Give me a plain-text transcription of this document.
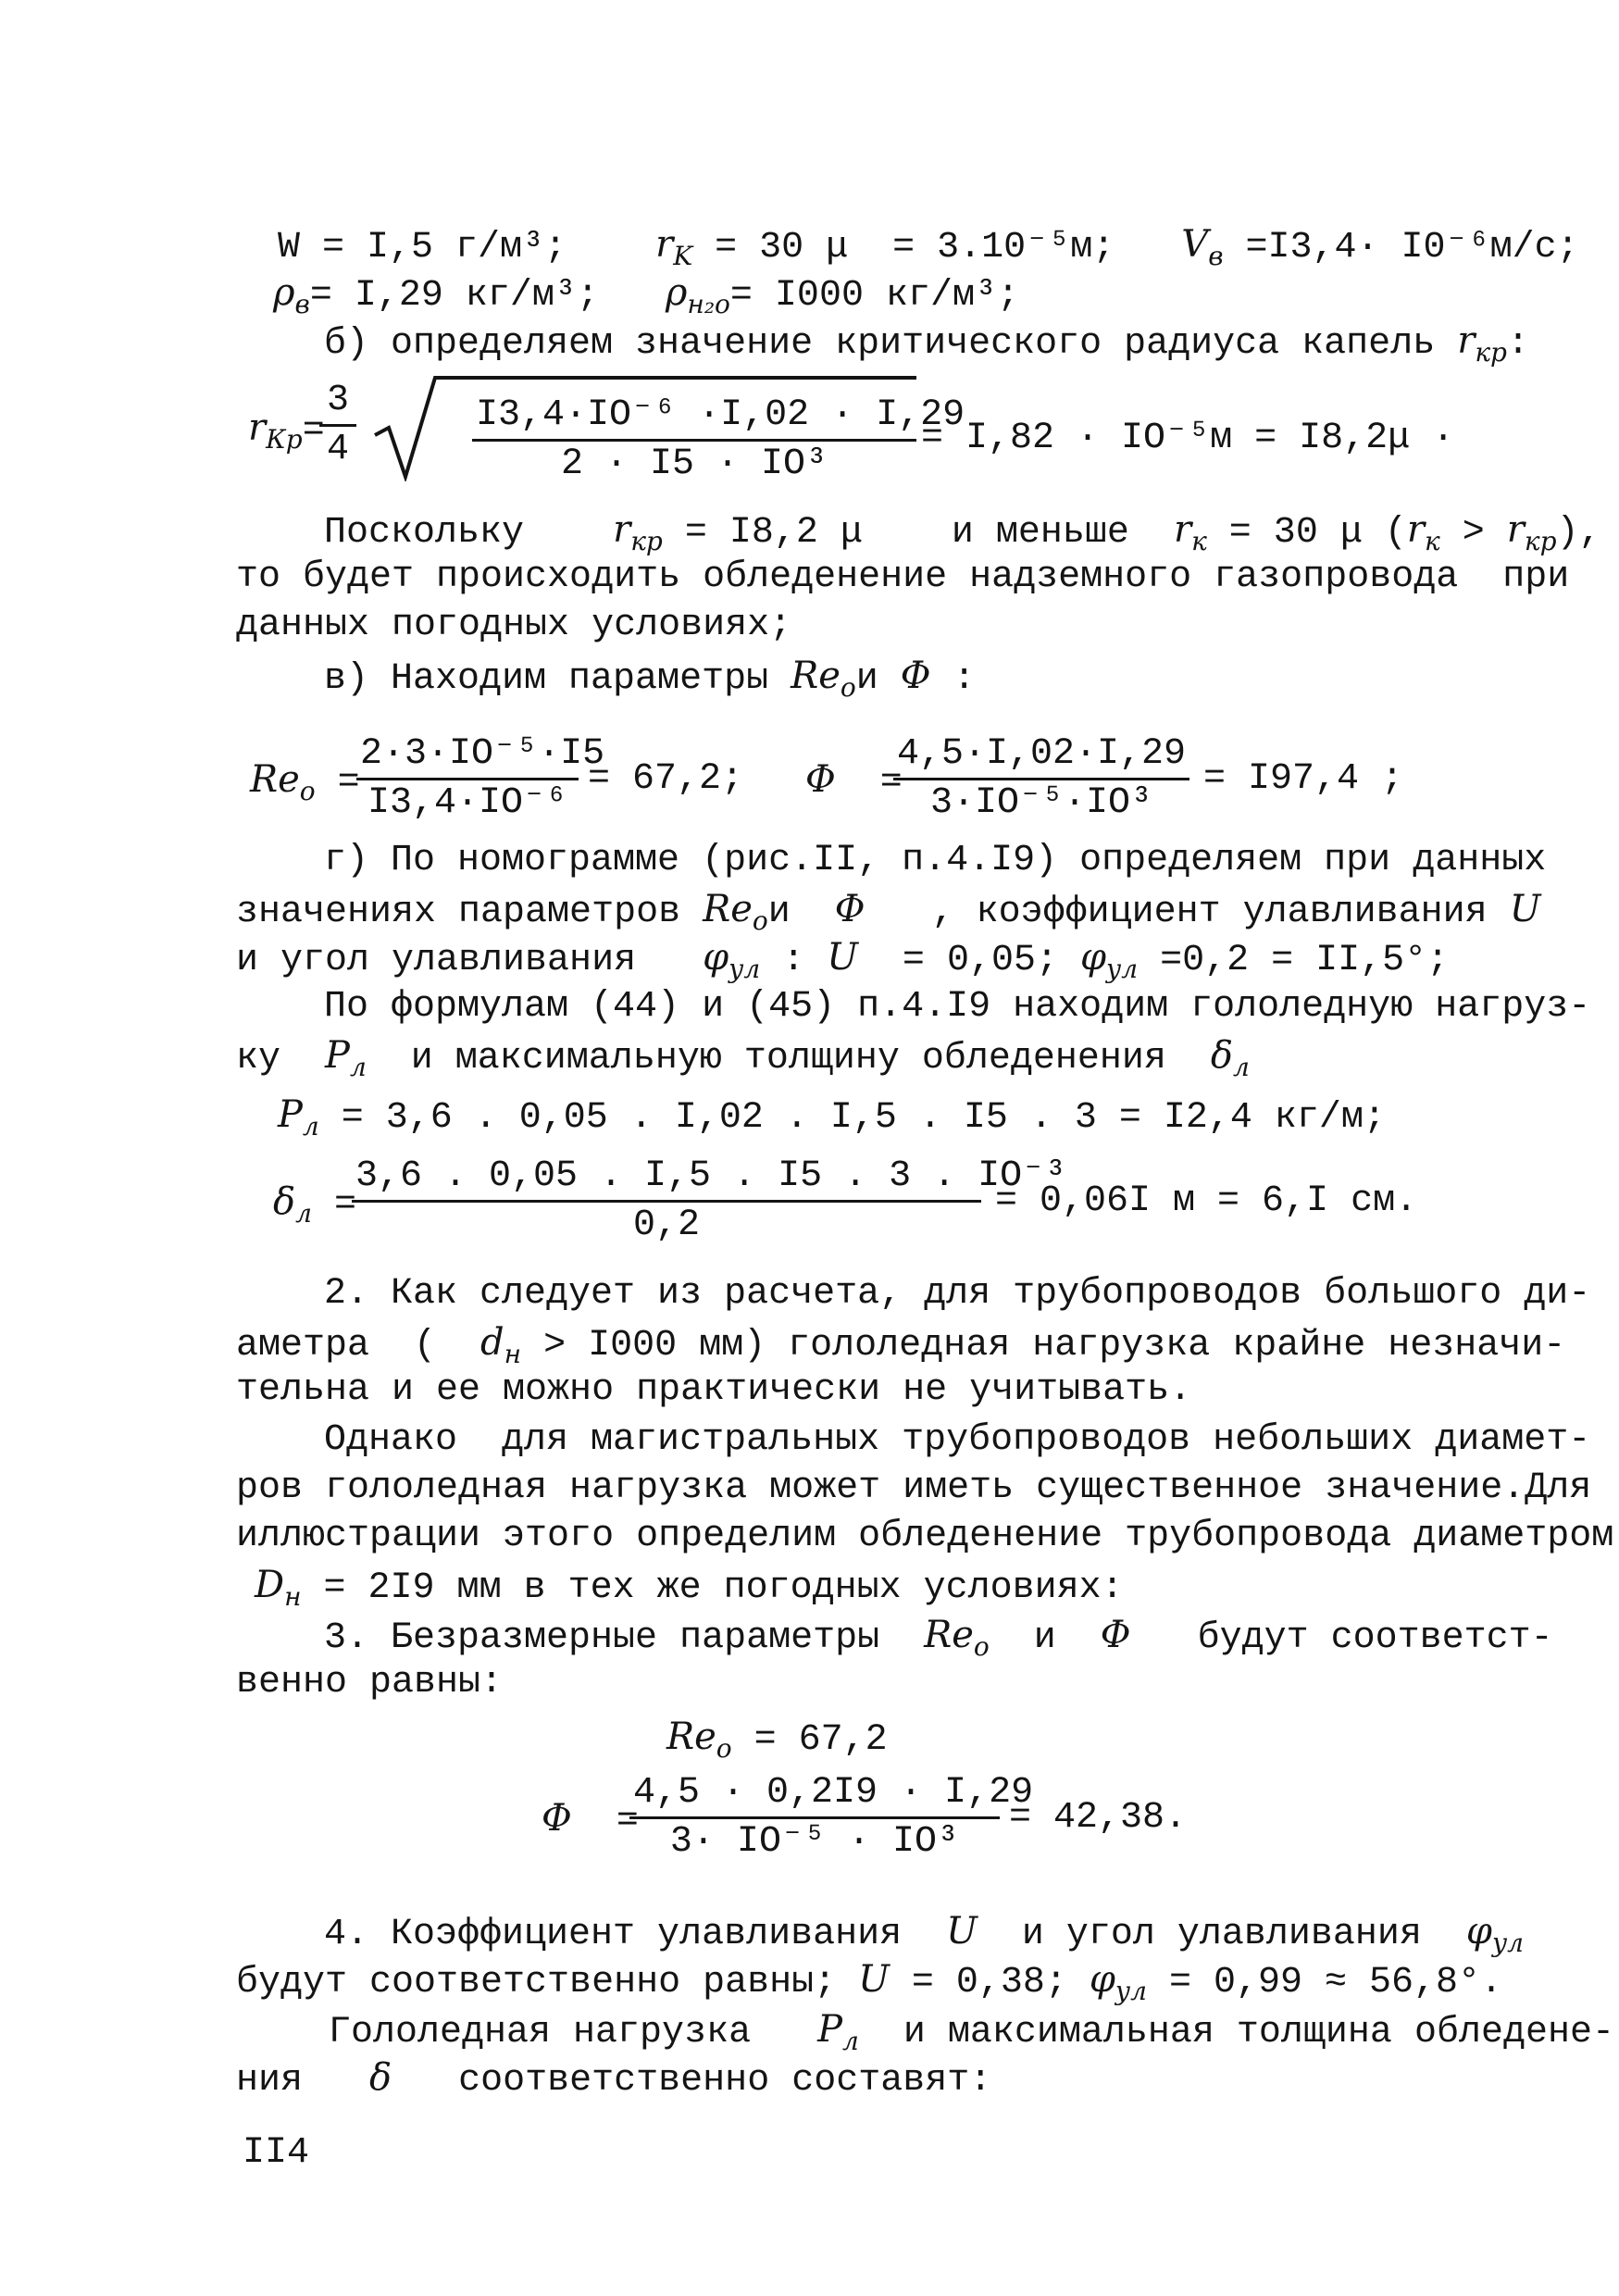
W = I,5 г/м³;    $r_K = 30$ μ  = 3.10⁻⁵м;   $V_в =I3,4\cdot I0^{-6}м/с$;
$\rho_в= I,29$ кг/м³;   $\rho_{н_2о}= I000$ кг/м³;
б) определяем значение критического радиуса капель $r_{кр}$:
$r_{Кр}=$
$\frac{3}{4}$	$\frac{\text{I3,4·IO⁻⁶ ·I,02 · I,29}}{\text{2 · I5 · IO³}} = I,82 \cdot IO^{-5}м = I8,2\mu$ ·
Поскольку    $r_{кр} = I8,2$ μ    и меньше  $r_к = 30$ μ $(r_к > r_{кр})$,
то будет происходить обледенение надземного газопровода  при
данных погодных условиях;
в) Находим параметры $Re_ои$ Φ :
$Re_о$ =
$\frac{\text{2·3·IO⁻⁵·I5}}{\text{I3,4·IO⁻⁶}} = 67,2$; Φ  =
$\frac{4,5\cdot I,02\cdot I,29}{\text{3·IO⁻⁵·IO³}} = I97,4$ ;
г) По номограмме (рис.II, п.4.I9) определяем при данных
значениях параметров $Re_ои$  Φ   , коэффициент улавливания U
и угол улавливания   $\varphi_{ул}$ : U  = 0,05; $\varphi_{ул} =0,2 = II,5^\circ$;
По формулам (44) и (45) п.4.I9 находим гололедную нагруз-
ку  $P_л$  и максимальную толщину обледенения  $\delta_л$
$P_л = 3,6$ . 0,05 . I,02 . I,5 . I5 . 3 = I2,4 кг/м;
$\delta_л$ =
$\frac{\text{3,6 . 0,05 . I,5 . I5 . 3 . IO⁻³}}{0,2} = 0,06I$ м = 6,I см.
2. Как следует из расчета, для трубопроводов большого ди-
аметра  (  $d_н > I000$ мм) гололедная нагрузка крайне незначи-
тельна и ее можно практически не учитывать.
Однако  для магистральных трубопроводов небольших диамет-
ров гололедная нагрузка может иметь существенное значение.Для
иллюстрации этого определим обледенение трубопровода диаметром
$D_н = 2I9$ мм в тех же погодных условиях:
3. Безразмерные параметры  $Re_о$  и  Φ   будут соответст-
венно равны:
$Re_о = 67,2$
Φ =
$\frac{4,5 \cdot 0,2I9 \cdot I,29}{\text{3· IO⁻⁵ · IO³}} = 42,38$.
4. Коэффициент улавливания  U  и угол улавливания  $\varphi_{ул}$
будут соответственно равны; U = 0,38; $\varphi_{ул} = 0,99 \approx 56,8^\circ$.
Гололедная нагрузка   $P_л$  и максимальная толщина обледене-
ния   δ   соответственно составят:
II4
